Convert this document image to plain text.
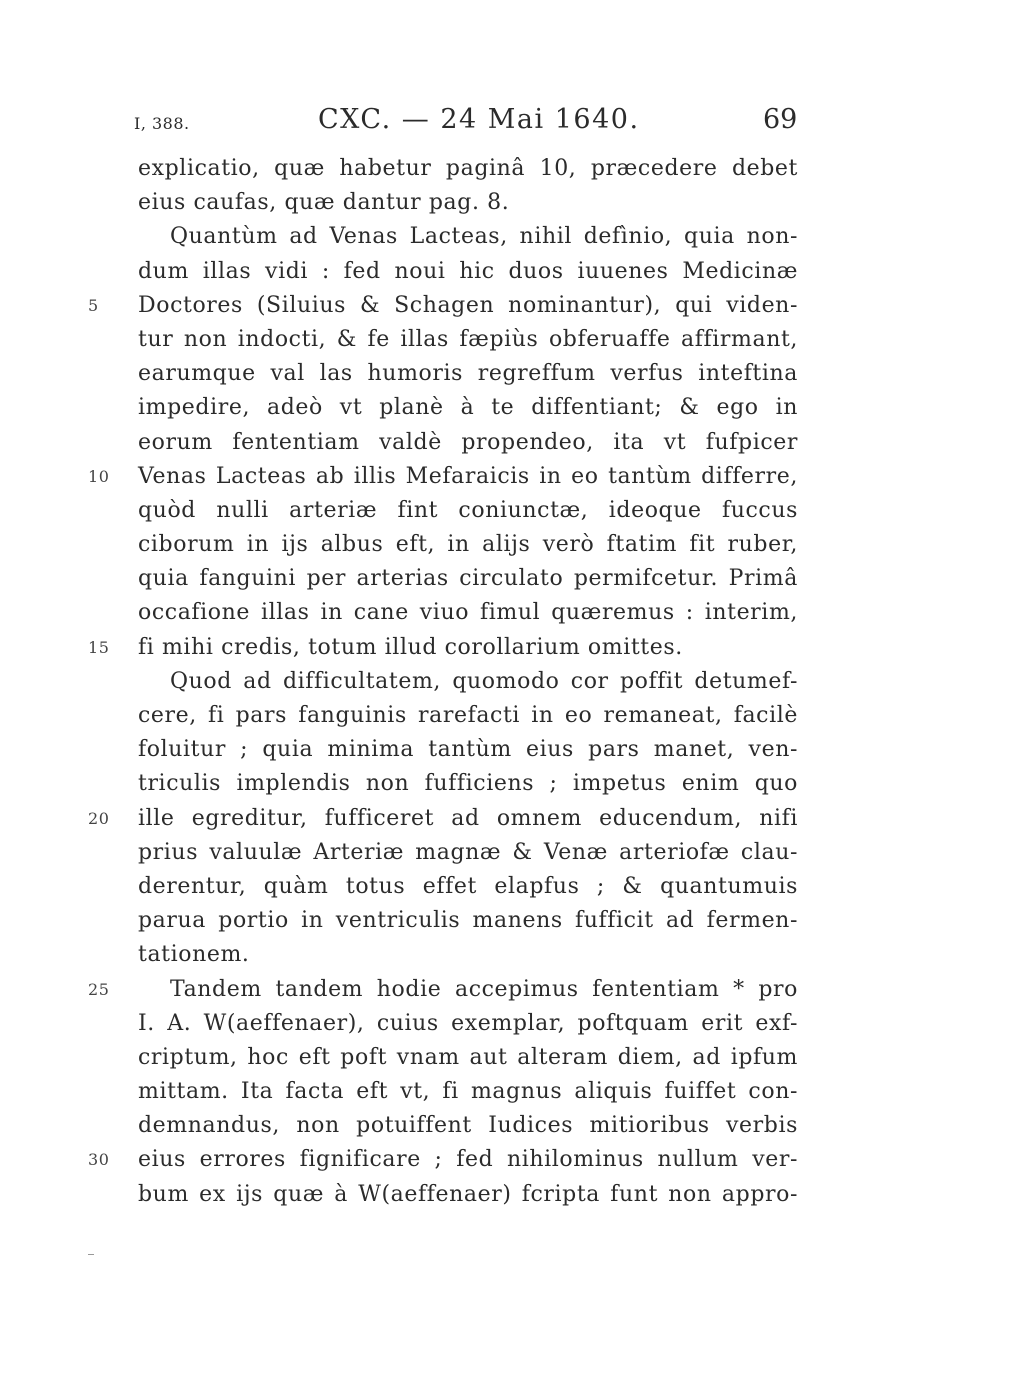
I, 388.	CXC. — 24 Mai 1640.	69
explicatio, quæ habetur paginâ 10, præcedere debet
eius caufas, quæ dantur pag. 8.
Quantùm ad Venas Lacteas, nihil defìnio, quia non-
dum illas vidi : fed noui hic duos iuuenes Medicinæ
5	Doctores (Siluius & Schagen nominantur), qui viden-
tur non indocti, & fe illas fæpiùs obferuaffe affirmant,
earumque val las humoris regreffum verfus inteftina
impedire, adeò vt planè à te diffentiant; & ego in
eorum fententiam valdè propendeo, ita vt fufpicer
10	Venas Lacteas ab illis Mefaraicis in eo tantùm differre,
quòd nulli arteriæ fint coniunctæ, ideoque fuccus
ciborum in ijs albus eft, in alijs verò ftatim fit ruber,
quia fanguini per arterias circulato permifcetur. Primâ
occafione illas in cane viuo fimul quæremus : interim,
15	fi mihi credis, totum illud corollarium omittes.
Quod ad difficultatem, quomodo cor poffit detumef-
cere, fi pars fanguinis rarefacti in eo remaneat, facilè
foluitur ; quia minima tantùm eius pars manet, ven-
triculis implendis non fufficiens ; impetus enim quo
20	ille egreditur, fufficeret ad omnem educendum, nifi
prius valuulæ Arteriæ magnæ & Venæ arteriofæ clau-
derentur, quàm totus effet elapfus ; & quantumuis
parua portio in ventriculis manens fufficit ad fermen-
tationem.
25	Tandem tandem hodie accepimus fententiam * pro
I. A. W(aeffenaer), cuius exemplar, poftquam erit exf-
criptum, hoc eft poft vnam aut alteram diem, ad ipfum
mittam. Ita facta eft vt, fi magnus aliquis fuiffet con-
demnandus, non potuiffent Iudices mitioribus verbis
30	eius errores fignificare ; fed nihilominus nullum ver-
bum ex ijs quæ à W(aeffenaer) fcripta funt non appro-
